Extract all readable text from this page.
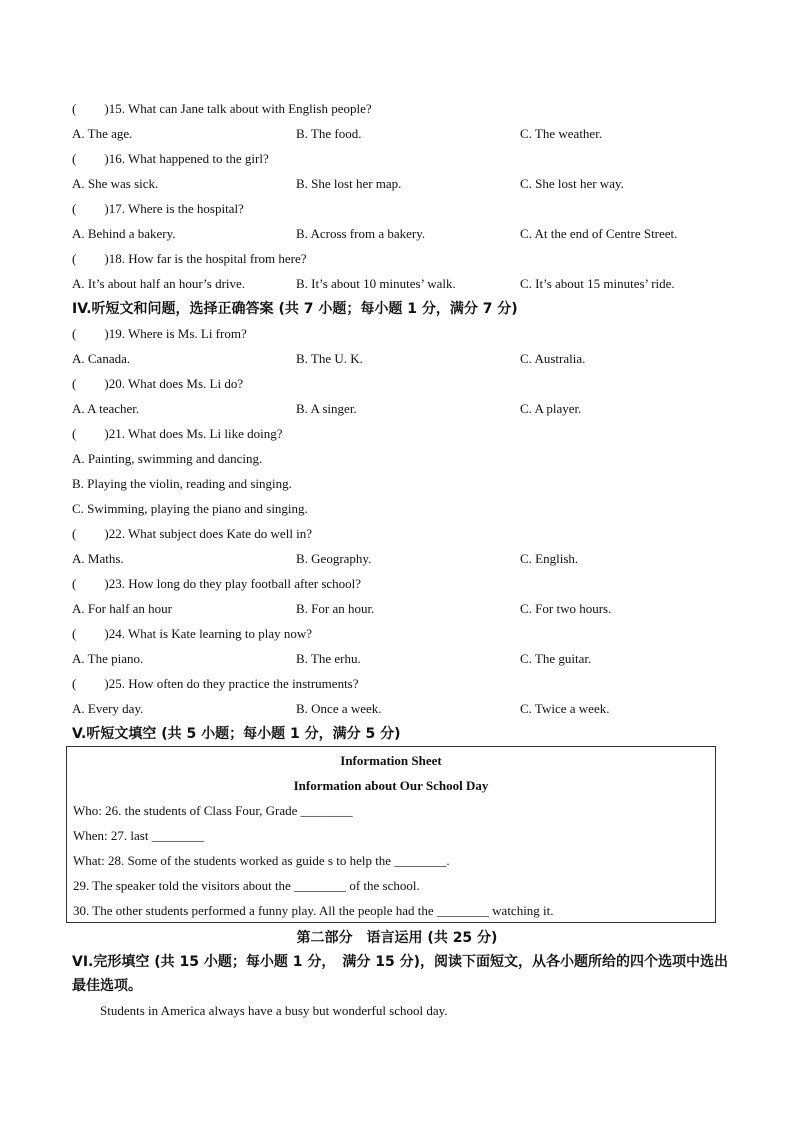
( )15. What can Jane talk about with English people?
A. The age.	B. The food.	C. The weather.
( )16. What happened to the girl?
A. She was sick.	B. She lost her map.	C. She lost her way.
( )17. Where is the hospital?
A. Behind a bakery.	B. Across from a bakery.	C. At the end of Centre Street.
( )18. How far is the hospital from here?
A. It’s about half an hour’s drive.	B. It’s about 10 minutes’ walk.	C. It’s about 15 minutes’ ride.
IV.听短文和问题，选择正确答案 (共 7 小题；每小题 1 分，满分 7 分)
( )19. Where is Ms. Li from?
A. Canada.	B. The U. K.	C. Australia.
( )20. What does Ms. Li do?
A. A teacher.	B. A singer.	C. A player.
( )21. What does Ms. Li like doing?
A. Painting, swimming and dancing.
B. Playing the violin, reading and singing.
C. Swimming, playing the piano and singing.
( )22. What subject does Kate do well in?
A. Maths.	B. Geography.	C. English.
( )23. How long do they play football after school?
A. For half an hour	B. For an hour.	C. For two hours.
( )24. What is Kate learning to play now?
A. The piano.	B. The erhu.	C. The guitar.
( )25. How often do they practice the instruments?
A. Every day.	B. Once a week.	C. Twice a week.
V.听短文填空 (共 5 小题；每小题 1 分，满分 5 分)
Information Sheet
Information about Our School Day
Who: 26. the students of Class Four, Grade ________
When: 27. last ________
What: 28. Some of the students worked as guide s to help the ________.
29. The speaker told the visitors about the ________ of the school.
30. The other students performed a funny play. All the people had the ________ watching it.
第二部分　语言运用 (共 25 分)
VI.完形填空 (共 15 小题；每小题 1 分，　满分 15 分)，阅读下面短文，从各小题所给的四个选项中选出最佳选项。
Students in America always have a busy but wonderful school day.
